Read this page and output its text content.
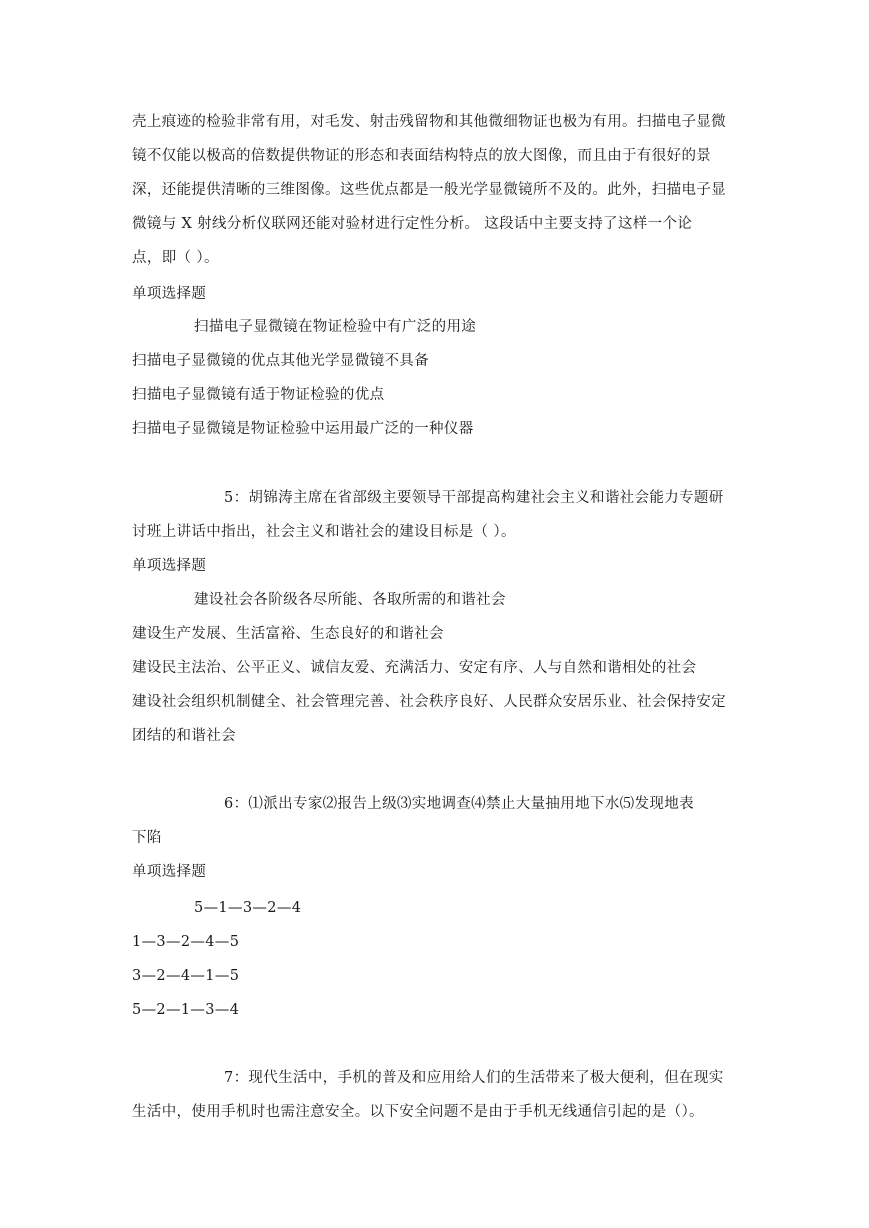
壳上痕迹的检验非常有用，对毛发、射击残留物和其他微细物证也极为有用。扫描电子显微
镜不仅能以极高的倍数提供物证的形态和表面结构特点的放大图像，而且由于有很好的景
深，还能提供清晰的三维图像。这些优点都是一般光学显微镜所不及的。此外，扫描电子显
微镜与 X 射线分析仪联网还能对验材进行定性分析。 这段话中主要支持了这样一个论
点，即（ ）。
单项选择题
扫描电子显微镜在物证检验中有广泛的用途
扫描电子显微镜的优点其他光学显微镜不具备
扫描电子显微镜有适于物证检验的优点
扫描电子显微镜是物证检验中运用最广泛的一种仪器
5：胡锦涛主席在省部级主要领导干部提高构建社会主义和谐社会能力专题研
讨班上讲话中指出，社会主义和谐社会的建设目标是（ ）。
单项选择题
建设社会各阶级各尽所能、各取所需的和谐社会
建设生产发展、生活富裕、生态良好的和谐社会
建设民主法治、公平正义、诚信友爱、充满活力、安定有序、人与自然和谐相处的社会
建设社会组织机制健全、社会管理完善、社会秩序良好、人民群众安居乐业、社会保持安定
团结的和谐社会
6：⑴派出专家⑵报告上级⑶实地调查⑷禁止大量抽用地下水⑸发现地表
下陷
单项选择题
5—1—3—2—4
1—3—2—4—5
3—2—4—1—5
5—2—1—3—4
7：现代生活中，手机的普及和应用给人们的生活带来了极大便利，但在现实
生活中，使用手机时也需注意安全。以下安全问题不是由于手机无线通信引起的是（）。
